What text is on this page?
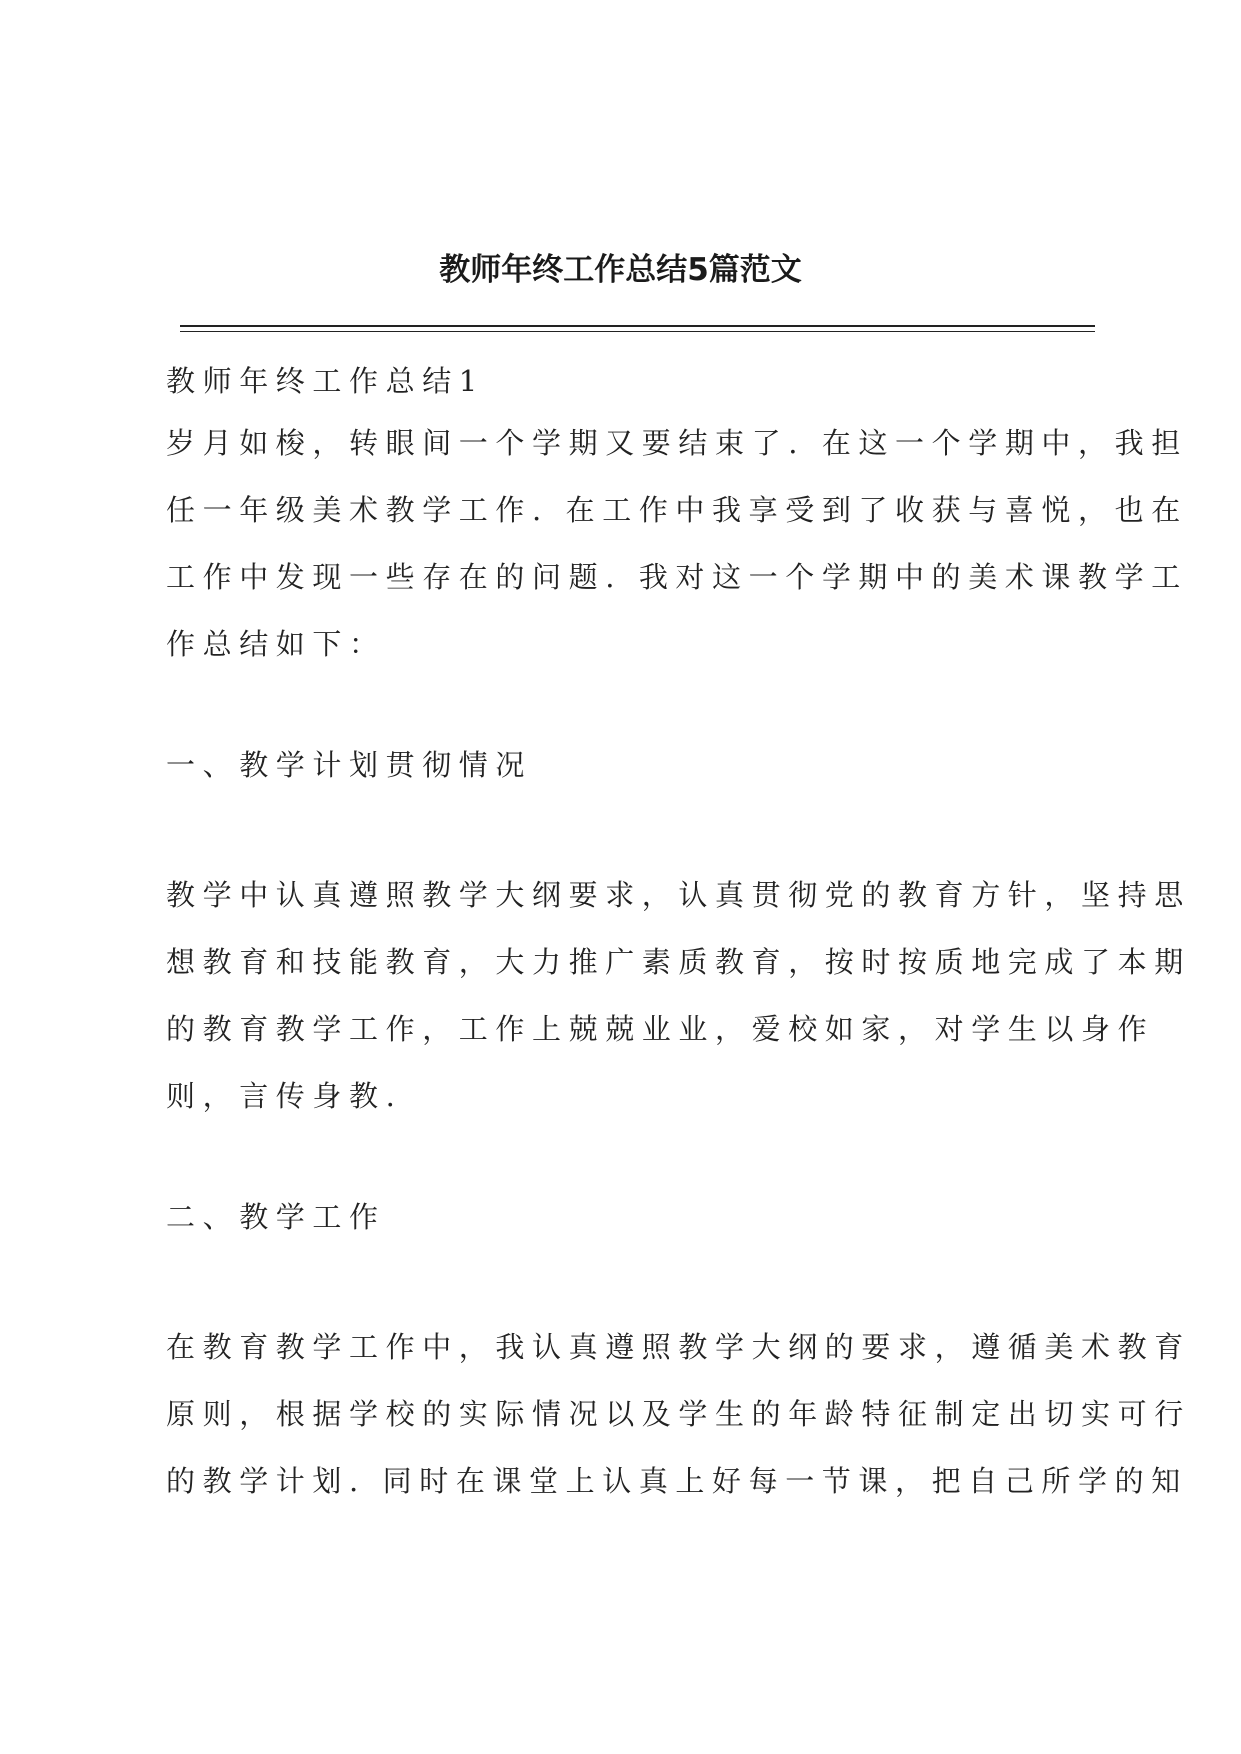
教师年终工作总结5篇范文

教师年终工作总结1

岁月如梭，转眼间一个学期又要结束了. 在这一个学期中，我担
任一年级美术教学工作. 在工作中我享受到了收获与喜悦，也在
工作中发现一些存在的问题. 我对这一个学期中的美术课教学工
作总结如下：

一、教学计划贯彻情况

教学中认真遵照教学大纲要求，认真贯彻党的教育方针，坚持思
想教育和技能教育，大力推广素质教育，按时按质地完成了本期
的教育教学工作，工作上兢兢业业，爱校如家，对学生以身作
则，言传身教.

二、教学工作

在教育教学工作中，我认真遵照教学大纲的要求，遵循美术教育
原则，根据学校的实际情况以及学生的年龄特征制定出切实可行
的教学计划. 同时在课堂上认真上好每一节课，把自己所学的知
